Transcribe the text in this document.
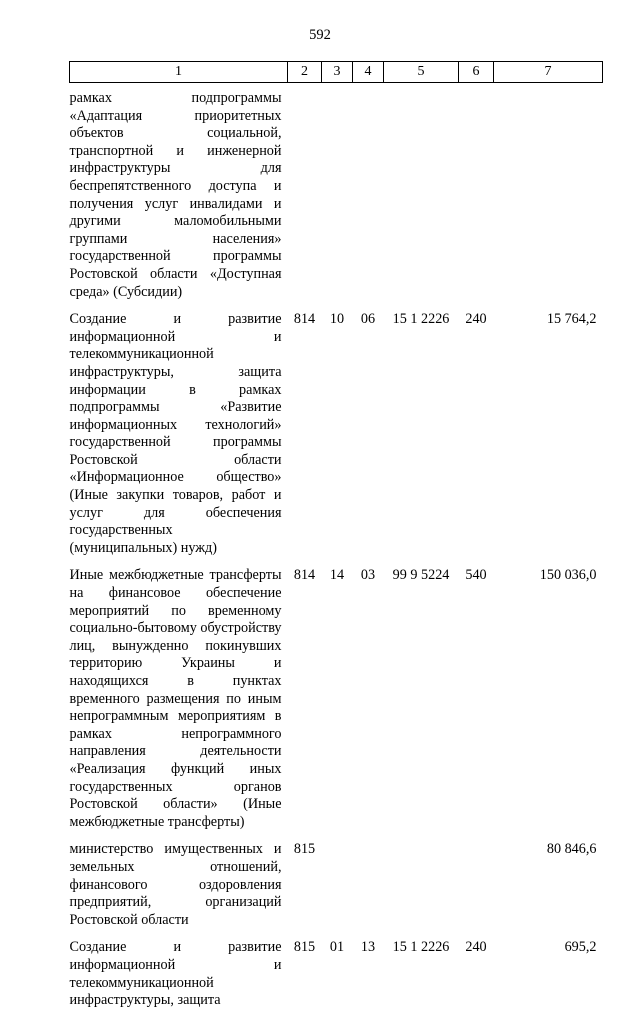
592
1	2	3	4	5	6	7

рамках подпрограммы «Адаптация приоритетных объектов социальной, транспортной и инженерной инфраструктуры для беспрепятственного доступа и получения услуг инвалидами и другими маломобильными группами населения» государственной программы Ростовской области «Доступная среда» (Субсидии)						

Создание и развитие информационной и телекоммуникационной инфраструктуры, защита информации в рамках подпрограммы «Развитие информационных технологий» государственной программы Ростовской области «Информационное общество» (Иные закупки товаров, работ и услуг для обеспечения государственных (муниципальных) нужд)	814	10	06	15 1 2226	240	15 764,2

Иные межбюджетные трансферты на финансовое обеспечение мероприятий по временному социально-бытовому обустройству лиц, вынужденно покинувших территорию Украины и находящихся в пунктах временного размещения по иным непрограммным мероприятиям в рамках непрограммного направления деятельности «Реализация функций иных государственных органов Ростовской области» (Иные межбюджетные трансферты)	814	14	03	99 9 5224	540	150 036,0

министерство имущественных и земельных отношений, финансового оздоровления предприятий, организаций Ростовской области	815					80 846,6

Создание и развитие информационной и телекоммуникационной инфраструктуры, защита	815	01	13	15 1 2226	240	695,2
